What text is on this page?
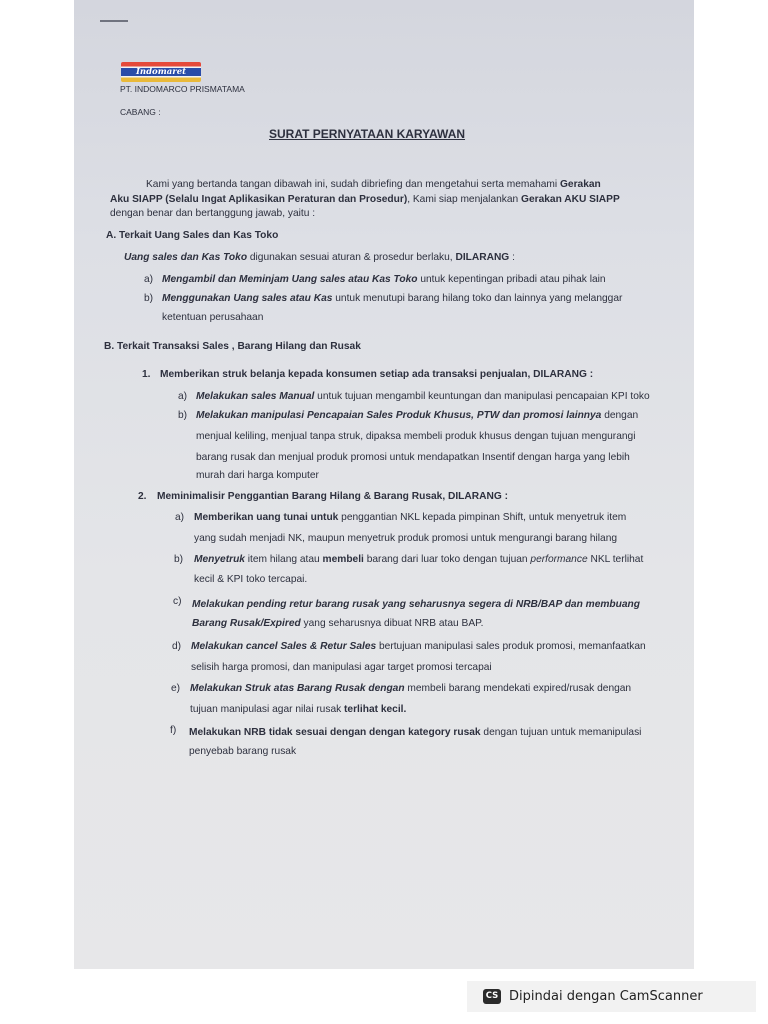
Indomaret
PT. INDOMARCO PRISMATAMA
CABANG :
SURAT PERNYATAAN KARYAWAN
Kami yang bertanda tangan dibawah ini, sudah dibriefing dan mengetahui serta memahami Gerakan
Aku SIAPP (Selalu Ingat Aplikasikan Peraturan dan Prosedur), Kami siap menjalankan Gerakan AKU SIAPP
dengan benar dan bertanggung jawab, yaitu :
A. Terkait Uang Sales dan Kas Toko
Uang sales dan Kas Toko digunakan sesuai aturan & prosedur berlaku, DILARANG :
a) Mengambil dan Meminjam Uang sales atau Kas Toko untuk kepentingan pribadi atau pihak lain
b) Menggunakan Uang sales atau Kas untuk menutupi barang hilang toko dan lainnya yang melanggar
ketentuan perusahaan
B. Terkait Transaksi Sales , Barang Hilang dan Rusak
1. Memberikan struk belanja kepada konsumen setiap ada transaksi penjualan, DILARANG :
a) Melakukan sales Manual untuk tujuan mengambil keuntungan dan manipulasi pencapaian KPI toko
b) Melakukan manipulasi Pencapaian Sales Produk Khusus, PTW dan promosi lainnya dengan
menjual keliling, menjual tanpa struk, dipaksa membeli produk khusus dengan tujuan mengurangi
barang rusak dan menjual produk promosi untuk mendapatkan Insentif dengan harga yang lebih
murah dari harga komputer
2. Meminimalisir Penggantian Barang Hilang & Barang Rusak, DILARANG :
a) Memberikan uang tunai untuk penggantian NKL kepada pimpinan Shift, untuk menyetruk item
yang sudah menjadi NK, maupun menyetruk produk promosi untuk mengurangi barang hilang
b) Menyetruk item hilang atau membeli barang dari luar toko dengan tujuan performance NKL terlihat
kecil & KPI toko tercapai.
c) Melakukan pending retur barang rusak yang seharusnya segera di NRB/BAP dan membuang
Barang Rusak/Expired yang seharusnya dibuat NRB atau BAP.
d) Melakukan cancel Sales & Retur Sales bertujuan manipulasi sales produk promosi, memanfaatkan
selisih harga promosi, dan manipulasi agar target promosi tercapai
e) Melakukan Struk atas Barang Rusak dengan membeli barang mendekati expired/rusak dengan
tujuan manipulasi agar nilai rusak terlihat kecil.
f) Melakukan NRB tidak sesuai dengan dengan kategory rusak dengan tujuan untuk memanipulasi
penyebab barang rusak
CS Dipindai dengan CamScanner
